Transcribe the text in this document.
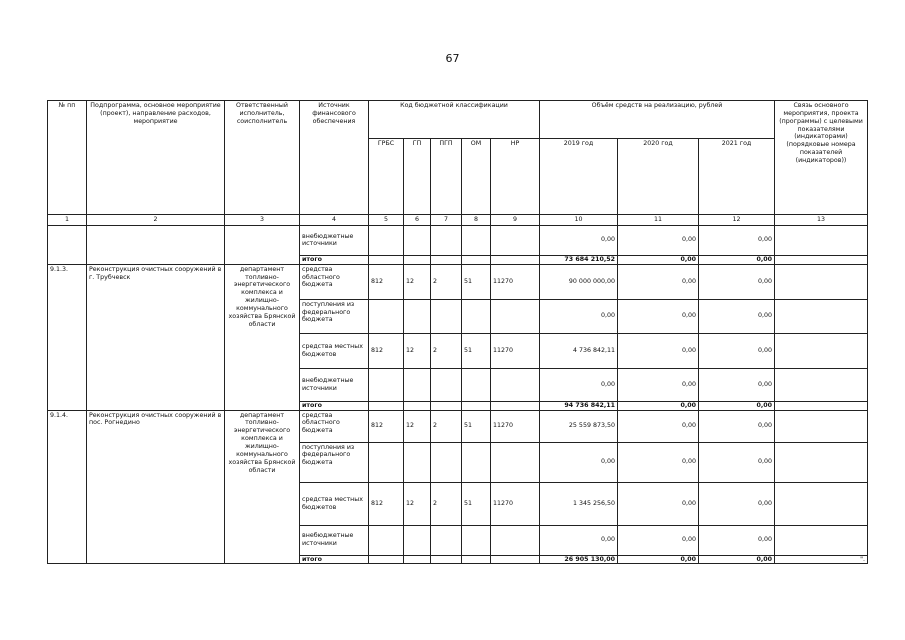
67
№ пп	Подпрограмма, основное мероприятие (проект), направление расходов, мероприятие	Ответственный исполнитель, соисполнитель	Источник финансового обеспечения	Код бюджетной классификации					Объём средств на реализацию, рублей			Связь основного мероприятия, проекта (программы) с целевыми показателями (индикаторами) (порядковые номера показателей (индикаторов))
				ГРБС	ГП	ПГП	ОМ	НР	2019 год	2020 год	2021 год	
1	2	3	4	5	6	7	8	9	10	11	12	13
			внебюджетные источники						0,00	0,00	0,00	
			итого						73 684 210,52	0,00	0,00	
9.1.3.	Реконструкция очистных сооружений в г. Трубчевск	департамент топливно-энергетического комплекса и жилищно-коммунального хозяйства Брянской области	средства областного бюджета	812	12	2	51	11270	90 000 000,00	0,00	0,00	
			поступления из федерального бюджета						0,00	0,00	0,00	
			средства местных бюджетов	812	12	2	51	11270	4 736 842,11	0,00	0,00	
			внебюджетные источники						0,00	0,00	0,00	
			итого						94 736 842,11	0,00	0,00	
9.1.4.	Реконструкция очистных сооружений в пос. Рогнедино	департамент топливно-энергетического комплекса и жилищно-коммунального хозяйства Брянской области	средства областного бюджета	812	12	2	51	11270	25 559 873,50	0,00	0,00	
			поступления из федерального бюджета						0,00	0,00	0,00	
			средства местных бюджетов	812	12	2	51	11270	1 345 256,50	0,00	0,00	
			внебюджетные источники						0,00	0,00	0,00	
			итого						26 905 130,00	0,00	0,00	".
